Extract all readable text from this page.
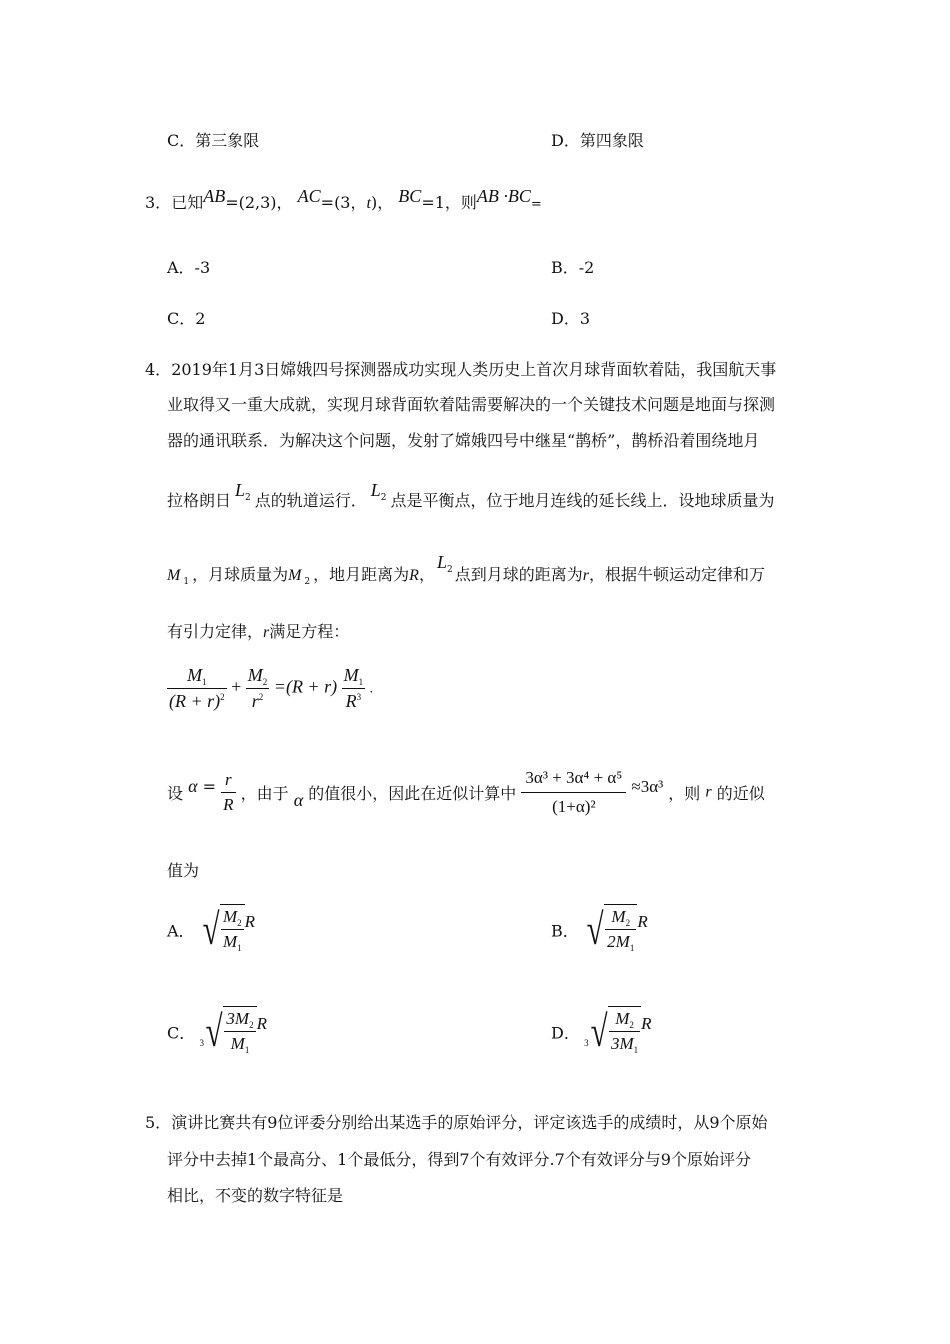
C．第三象限	D．第四象限
3．已知AB=(2,3)， AC=(3，t)， BC=1，则AB ·BC=
A．-3	B．-2
C．2	D．3
4．2019年1月3日嫦娥四号探测器成功实现人类历史上首次月球背面软着陆，我国航天事
业取得又一重大成就，实现月球背面软着陆需要解决的一个关键技术问题是地面与探测
器的通讯联系．为解决这个问题，发射了嫦娥四号中继星“鹊桥”，鹊桥沿着围绕地月
拉格朗日$L_2$ 点的轨道运行．$L_2$ 点是平衡点，位于地月连线的延长线上．设地球质量为
M $_1$ ，月球质量为M $_2$ ，地月距离为R，$L_2$ 点到月球的距离为r，根据牛顿运动定律和万
有引力定律，r满足方程：
$\frac{M_1}{(R + r)^2} + \frac{M_2}{r^2} =(R + r) \frac{M_1}{R^3}$ .
设 $\alpha = \frac{r}{R}$ ，由于 α 的值很小，因此在近似计算中 $\frac{\text{3α³ + 3α⁴ + α⁵}}{\text{(1+α)²}} \approx 3\alpha^3$ ，则 r 的近似
值为
A． √ $\frac{M_2}{M_1}$ R	B． √ $\frac{M_2}{2M_1}$ R
C． $_3$ √ $\frac{3M_2}{M_1}$ R	D． $_3$ √ $\frac{M_2}{3M_1}$ R
5．演讲比赛共有9位评委分别给出某选手的原始评分，评定该选手的成绩时，从9个原始
评分中去掉1个最高分、1个最低分，得到7个有效评分.7个有效评分与9个原始评分
相比，不变的数字特征是
